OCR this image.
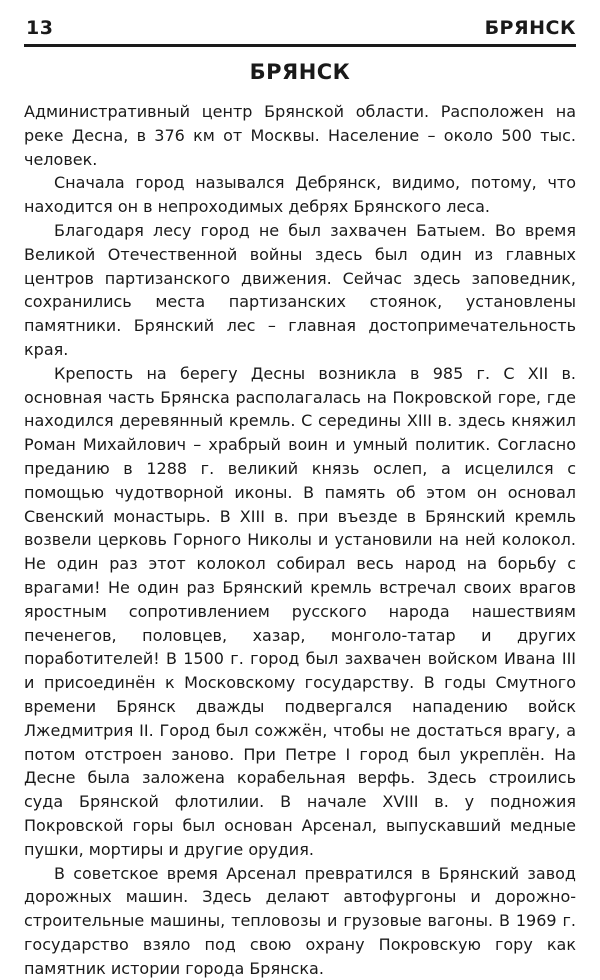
13	БРЯНСК
БРЯНСК

Административный центр Брянской области. Расположен на реке Десна, в 376 км от Москвы. Население – около 500 тыс. человек.

Сначала город назывался Дебрянск, видимо, потому, что находится он в непроходимых дебрях Брянского леса.

Благодаря лесу город не был захвачен Батыем. Во время Великой Отечественной войны здесь был один из главных центров партизанского движения. Сейчас здесь заповедник, сохранились места партизанских стоянок, установлены памятники. Брянский лес – главная достопримечательность края.

Крепость на берегу Десны возникла в 985 г. С XII в. основная часть Брянска располагалась на Покровской горе, где находился деревянный кремль. С середины XIII в. здесь княжил Роман Михайлович – храбрый воин и умный политик. Согласно преданию в 1288 г. великий князь ослеп, а исцелился с помощью чудотворной иконы. В память об этом он основал Свенский монастырь. В XIII в. при въезде в Брянский кремль возвели церковь Горного Николы и установили на ней колокол. Не один раз этот колокол собирал весь народ на борьбу с врагами! Не один раз Брянский кремль встречал своих врагов яростным сопротивлением русского народа нашествиям печенегов, половцев, хазар, монголо-татар и других поработителей! В 1500 г. город был захвачен войском Ивана III и присоединён к Московскому государству. В годы Смутного времени Брянск дважды подвергался нападению войск Лжедмитрия II. Город был сожжён, чтобы не достаться врагу, а потом отстроен заново. При Петре I город был укреплён. На Десне была заложена корабельная верфь. Здесь строились суда Брянской флотилии. В начале XVIII в. у подножия Покровской горы был основан Арсенал, выпускавший медные пушки, мортиры и другие орудия.

В советское время Арсенал превратился в Брянский завод дорожных машин. Здесь делают автофургоны и дорожно-строительные машины, тепловозы и грузовые вагоны. В 1969 г. государство взяло под свою охрану Покровскую гору как памятник истории города Брянска.
